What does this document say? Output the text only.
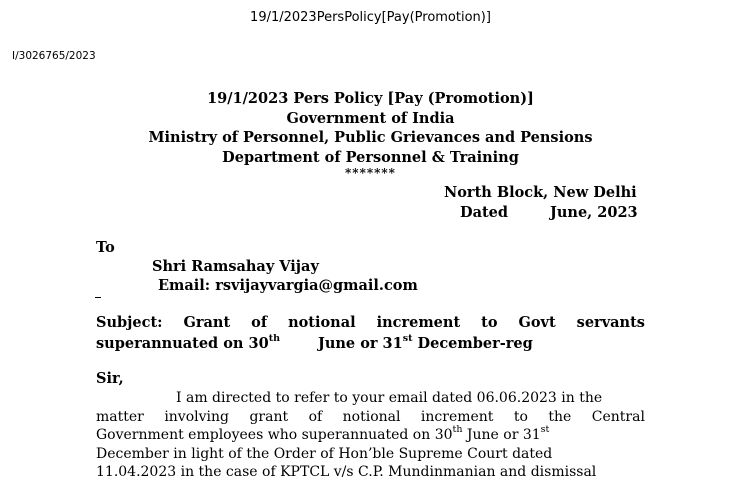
19/1/2023PersPolicy[Pay(Promotion)]
I/3026765/2023
19/1/2023 Pers Policy [Pay (Promotion)]
Government of India
Ministry of Personnel, Public Grievances and Pensions
Department of Personnel & Training
*******
North Block, New Delhi
Dated	June, 2023
To
Shri Ramsahay Vijay
Email: rsvijayvargia@gmail.com
Subject: Grant of notional increment to Govt servants
superannuated on 30th	June or 31st December-reg
Sir,
I am directed to refer to your email dated 06.06.2023 in the
matter involving grant of notional increment to the Central
Government employees who superannuated on 30th June or 31st
December in light of the Order of Hon’ble Supreme Court dated
11.04.2023 in the case of KPTCL v/s C.P. Mundinmanian and dismissal
